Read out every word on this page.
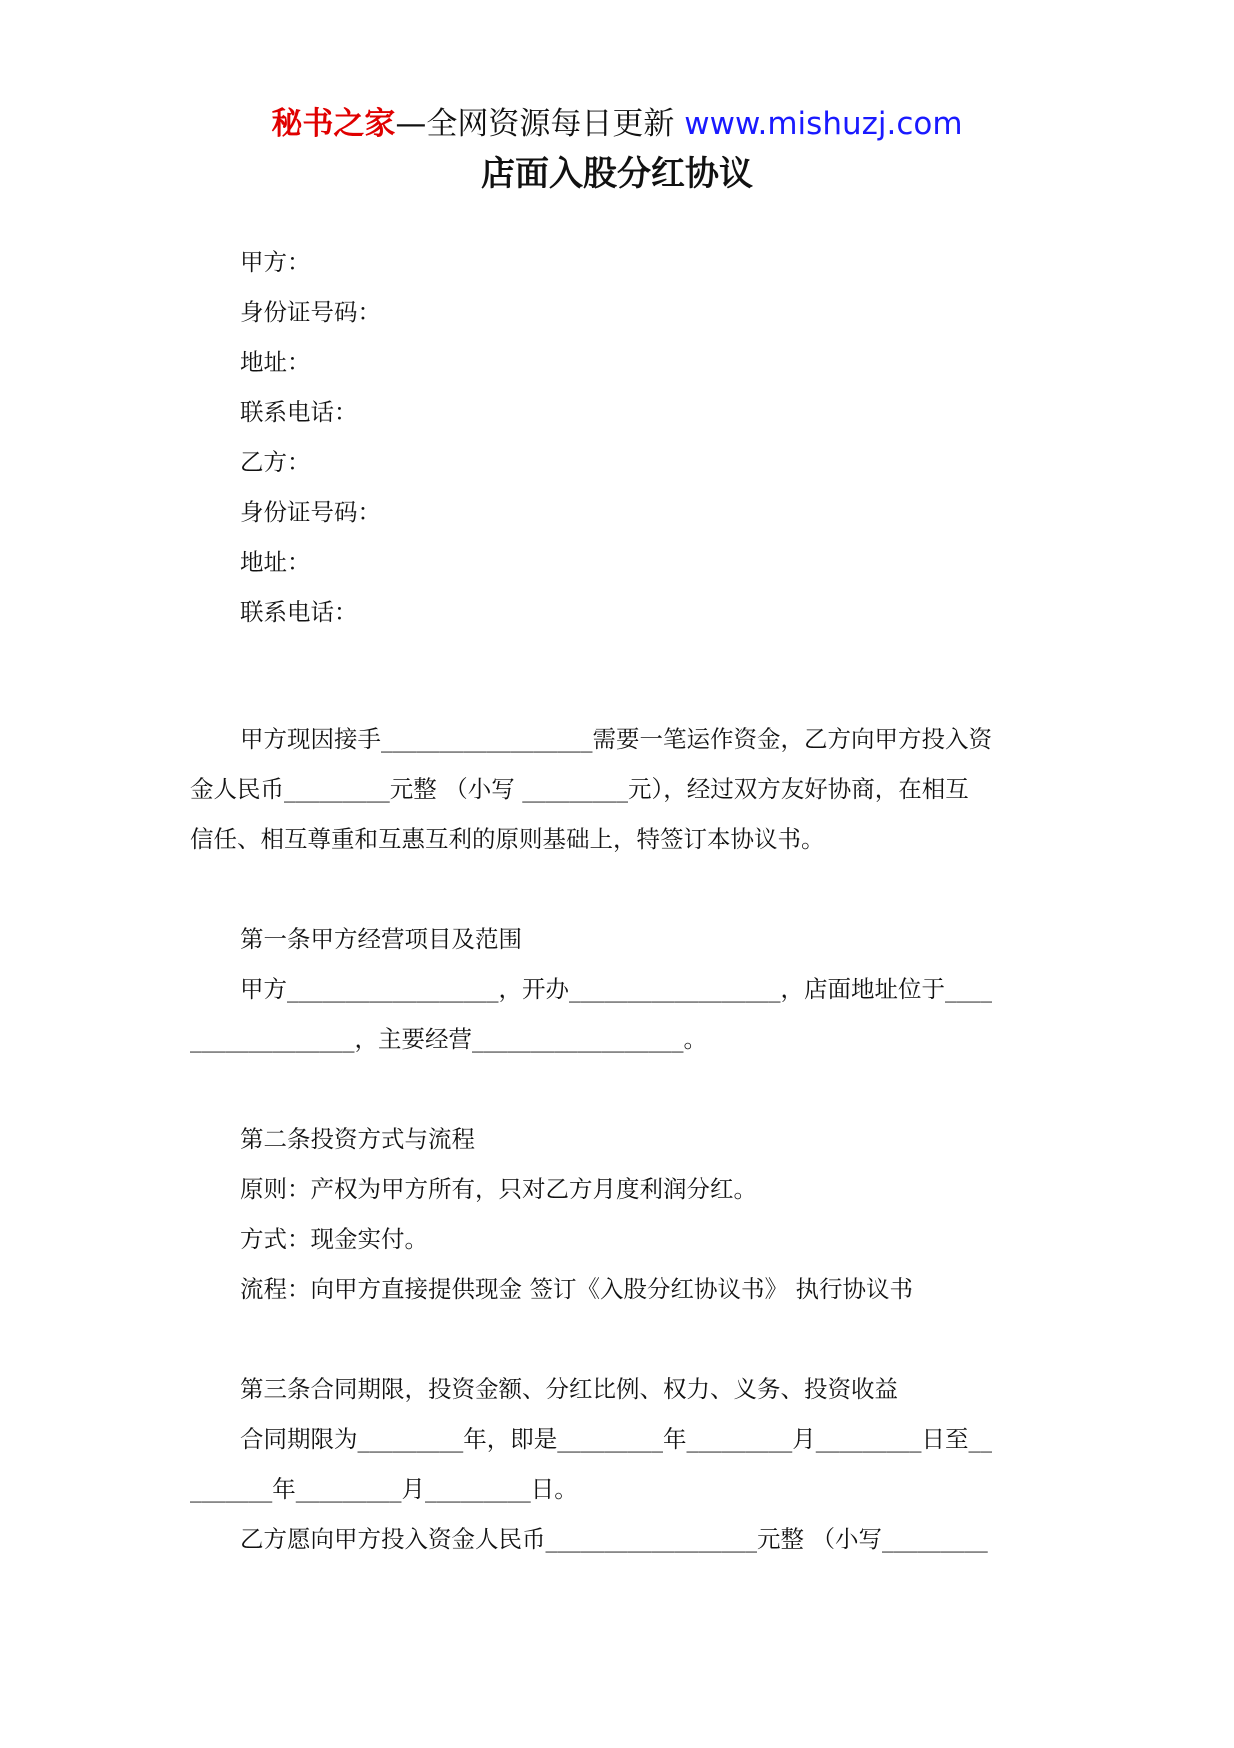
秘书之家—全网资源每日更新 www.mishuzj.com
店面入股分红协议
甲方：
身份证号码：
地址：
联系电话：
乙方：
身份证号码：
地址：
联系电话：
甲方现因接手__________________需要一笔运作资金，乙方向甲方投入资
金人民币_________元整 （小写 _________元），经过双方友好协商，在相互
信任、相互尊重和互惠互利的原则基础上，特签订本协议书。
第一条甲方经营项目及范围
甲方__________________，开办__________________，店面地址位于____
______________，主要经营__________________。
第二条投资方式与流程
原则：产权为甲方所有，只对乙方月度利润分红。
方式：现金实付。
流程：向甲方直接提供现金 签订《入股分红协议书》 执行协议书
第三条合同期限，投资金额、分红比例、权力、义务、投资收益
合同期限为_________年，即是_________年_________月_________日至__
_______年_________月_________日。
乙方愿向甲方投入资金人民币__________________元整 （小写_________
